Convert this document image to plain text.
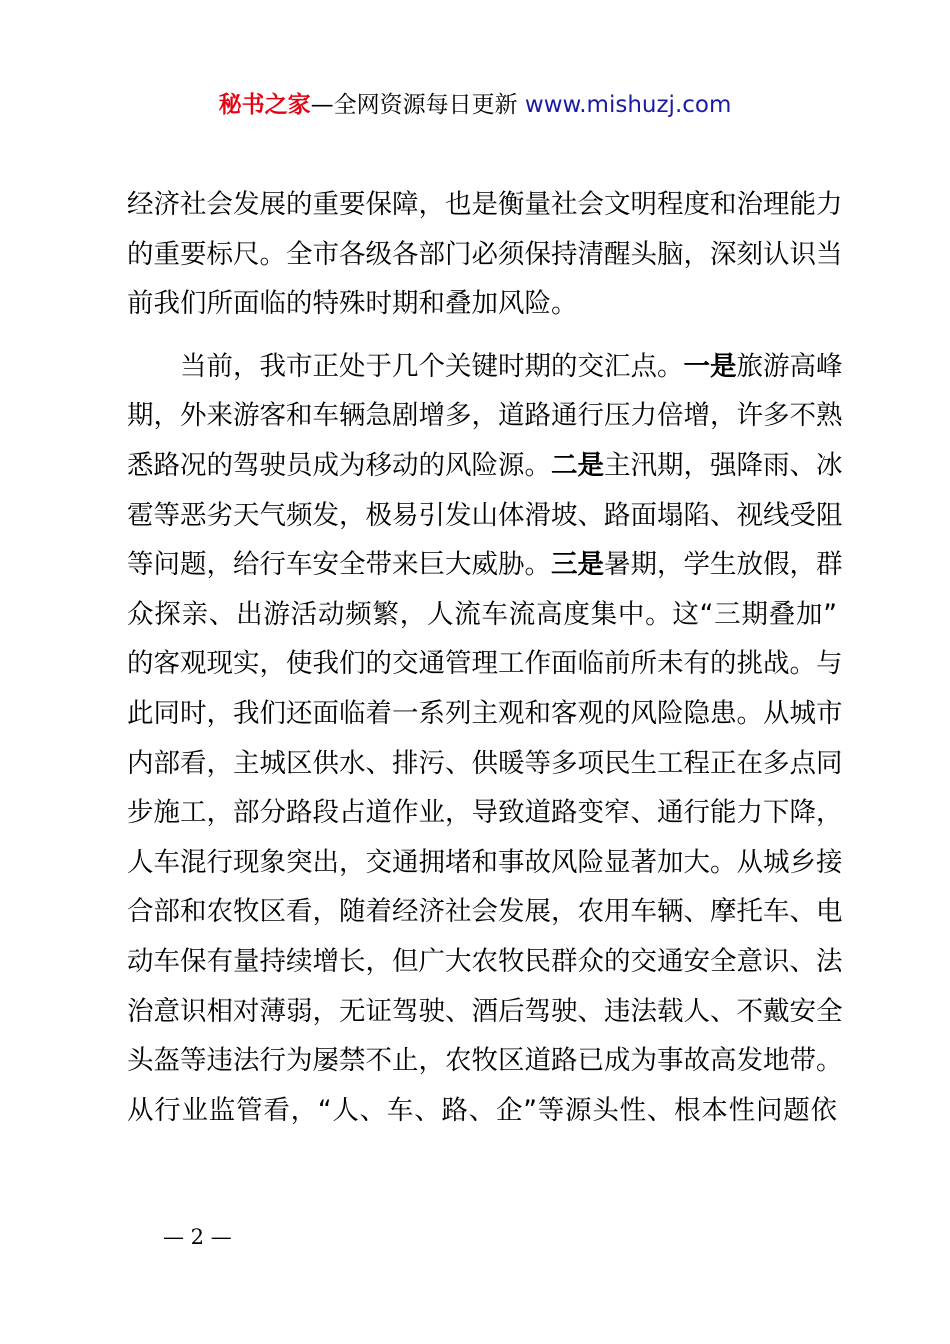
秘书之家—全网资源每日更新 www.mishuzj.com
经济社会发展的重要保障，也是衡量社会文明程度和治理能力
的重要标尺。全市各级各部门必须保持清醒头脑，深刻认识当
前我们所面临的特殊时期和叠加风险。
当前，我市正处于几个关键时期的交汇点。一是旅游高峰
期，外来游客和车辆急剧增多，道路通行压力倍增，许多不熟
悉路况的驾驶员成为移动的风险源。二是主汛期，强降雨、冰
雹等恶劣天气频发，极易引发山体滑坡、路面塌陷、视线受阻
等问题，给行车安全带来巨大威胁。三是暑期，学生放假，群
众探亲、出游活动频繁，人流车流高度集中。这“三期叠加”
的客观现实，使我们的交通管理工作面临前所未有的挑战。与
此同时，我们还面临着一系列主观和客观的风险隐患。从城市
内部看，主城区供水、排污、供暖等多项民生工程正在多点同
步施工，部分路段占道作业，导致道路变窄、通行能力下降，
人车混行现象突出，交通拥堵和事故风险显著加大。从城乡接
合部和农牧区看，随着经济社会发展，农用车辆、摩托车、电
动车保有量持续增长，但广大农牧民群众的交通安全意识、法
治意识相对薄弱，无证驾驶、酒后驾驶、违法载人、不戴安全
头盔等违法行为屡禁不止，农牧区道路已成为事故高发地带。
从行业监管看，“人、车、路、企”等源头性、根本性问题依
— 2 —
